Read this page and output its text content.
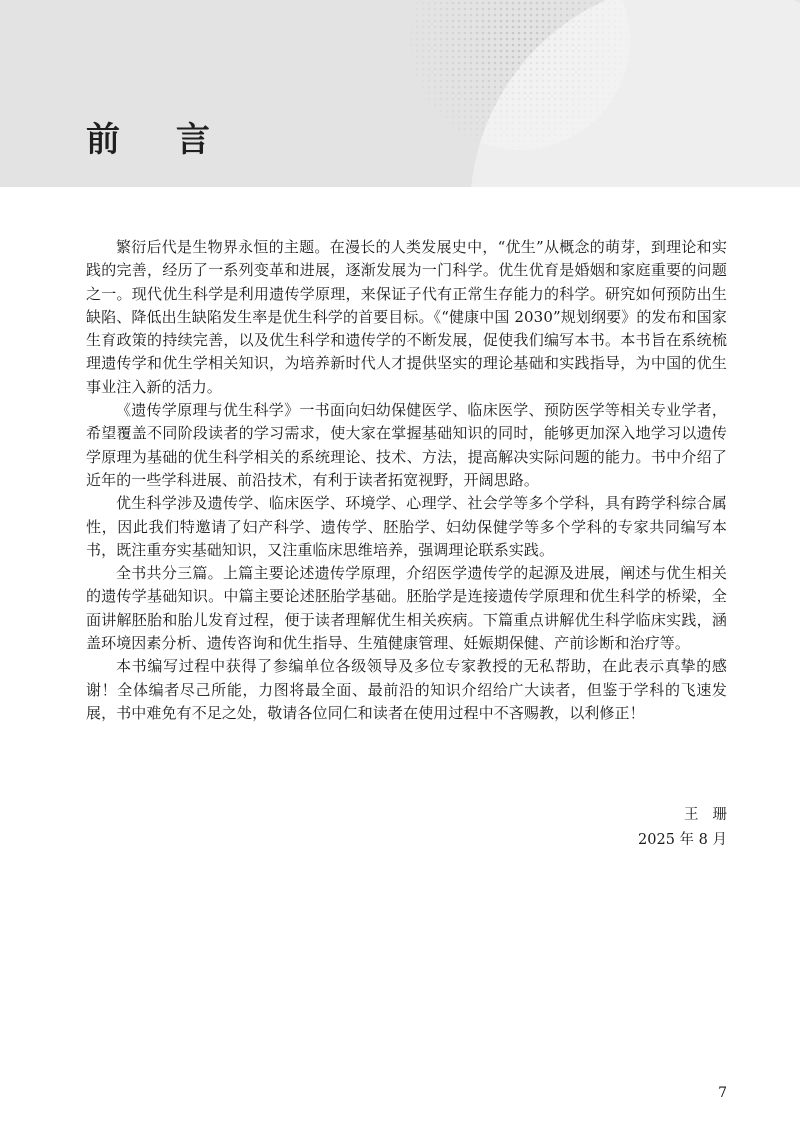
前 言

繁衍后代是生物界永恒的主题。在漫长的人类发展史中，“优生”从概念的萌芽，到理论和实践的完善，经历了一系列变革和进展，逐渐发展为一门科学。优生优育是婚姻和家庭重要的问题之一。现代优生科学是利用遗传学原理，来保证子代有正常生存能力的科学。研究如何预防出生缺陷、降低出生缺陷发生率是优生科学的首要目标。《“健康中国 2030”规划纲要》的发布和国家生育政策的持续完善，以及优生科学和遗传学的不断发展，促使我们编写本书。本书旨在系统梳理遗传学和优生学相关知识，为培养新时代人才提供坚实的理论基础和实践指导，为中国的优生事业注入新的活力。

《遗传学原理与优生科学》一书面向妇幼保健医学、临床医学、预防医学等相关专业学者，希望覆盖不同阶段读者的学习需求，使大家在掌握基础知识的同时，能够更加深入地学习以遗传学原理为基础的优生科学相关的系统理论、技术、方法，提高解决实际问题的能力。书中介绍了近年的一些学科进展、前沿技术，有利于读者拓宽视野，开阔思路。

优生科学涉及遗传学、临床医学、环境学、心理学、社会学等多个学科，具有跨学科综合属性，因此我们特邀请了妇产科学、遗传学、胚胎学、妇幼保健学等多个学科的专家共同编写本书，既注重夯实基础知识，又注重临床思维培养，强调理论联系实践。

全书共分三篇。上篇主要论述遗传学原理，介绍医学遗传学的起源及进展，阐述与优生相关的遗传学基础知识。中篇主要论述胚胎学基础。胚胎学是连接遗传学原理和优生科学的桥梁，全面讲解胚胎和胎儿发育过程，便于读者理解优生相关疾病。下篇重点讲解优生科学临床实践，涵盖环境因素分析、遗传咨询和优生指导、生殖健康管理、妊娠期保健、产前诊断和治疗等。

本书编写过程中获得了参编单位各级领导及多位专家教授的无私帮助，在此表示真挚的感谢！全体编者尽己所能，力图将最全面、最前沿的知识介绍给广大读者，但鉴于学科的飞速发展，书中难免有不足之处，敬请各位同仁和读者在使用过程中不吝赐教，以利修正！

王珊
2025 年 8 月
7
